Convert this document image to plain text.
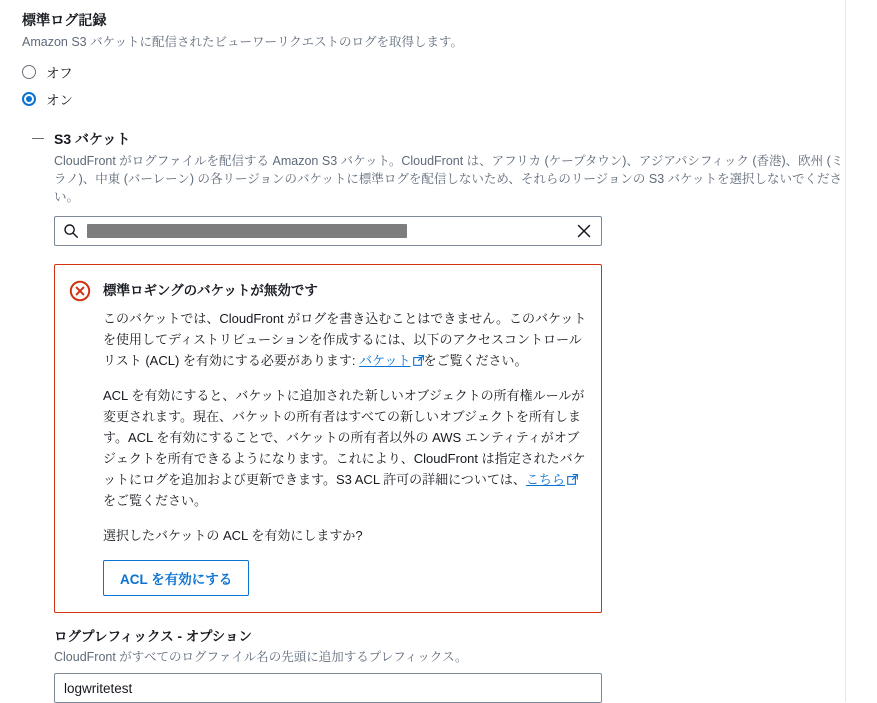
標準ログ記録
Amazon S3 バケットに配信されたビューワーリクエストのログを取得します。
オフ
オン
S3 バケット
CloudFront がログファイルを配信する Amazon S3 バケット。CloudFront は、アフリカ (ケープタウン)、アジアパシフィック (香港)、欧州 (ミラノ)、中東 (バーレーン) の各リージョンのバケットに標準ログを配信しないため、それらのリージョンの S3 バケットを選択しないでください。
標準ロギングのバケットが無効です

このバケットでは、CloudFront がログを書き込むことはできません。このバケットを使用してディストリビューションを作成するには、以下のアクセスコントロールリスト (ACL) を有効にする必要があります: バケット をご覧ください。

ACL を有効にすると、バケットに追加された新しいオブジェクトの所有権ルールが変更されます。現在、バケットの所有者はすべての新しいオブジェクトを所有します。ACL を有効にすることで、バケットの所有者以外の AWS エンティティがオブジェクトを所有できるようになります。これにより、CloudFront は指定されたバケットにログを追加および更新できます。S3 ACL 許可の詳細については、こちらをご覧ください。

選択したバケットの ACL を有効にしますか?

ACL を有効にする
ログプレフィックス - オプション
CloudFront がすべてのログファイル名の先頭に追加するプレフィックス。
logwritetest
